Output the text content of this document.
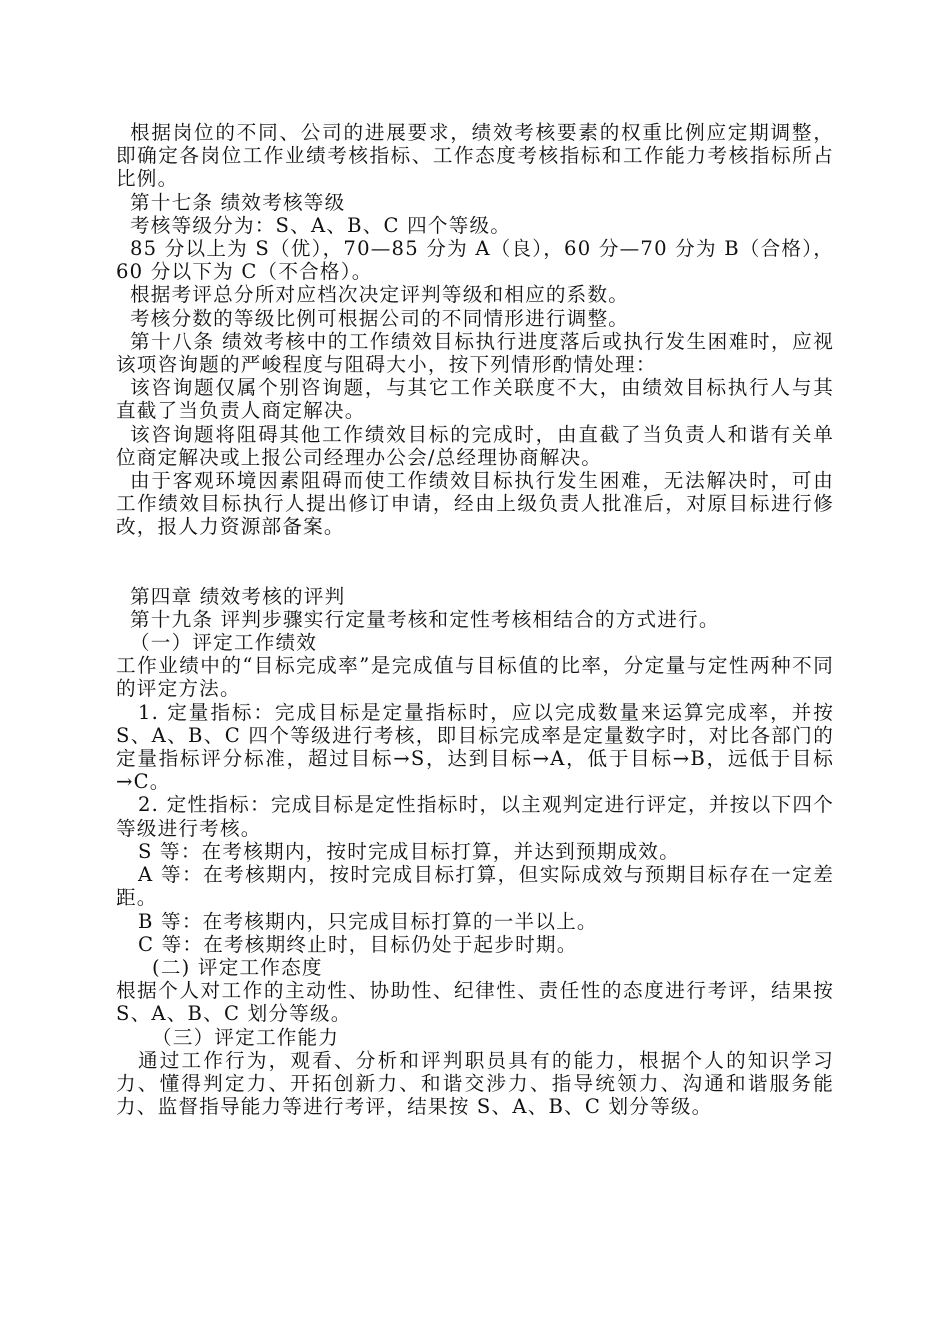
根据岗位的不同、公司的进展要求，绩效考核要素的权重比例应定期调整，即确定各岗位工作业绩考核指标、工作态度考核指标和工作能力考核指标所占比例。

第十七条 绩效考核等级

考核等级分为：S、A、B、C 四个等级。

85 分以上为 S（优），70—85 分为 A（良），60 分—70 分为 B（合格），60 分以下为 C（不合格）。

根据考评总分所对应档次决定评判等级和相应的系数。

考核分数的等级比例可根据公司的不同情形进行调整。

第十八条 绩效考核中的工作绩效目标执行进度落后或执行发生困难时，应视该项咨询题的严峻程度与阻碍大小，按下列情形酌情处理：

该咨询题仅属个别咨询题，与其它工作关联度不大，由绩效目标执行人与其直截了当负责人商定解决。

该咨询题将阻碍其他工作绩效目标的完成时，由直截了当负责人和谐有关单位商定解决或上报公司经理办公会/总经理协商解决。

由于客观环境因素阻碍而使工作绩效目标执行发生困难，无法解决时，可由工作绩效目标执行人提出修订申请，经由上级负责人批准后，对原目标进行修改，报人力资源部备案。

第四章 绩效考核的评判

第十九条 评判步骤实行定量考核和定性考核相结合的方式进行。

（一）评定工作绩效

工作业绩中的“目标完成率”是完成值与目标值的比率，分定量与定性两种不同的评定方法。

1. 定量指标：完成目标是定量指标时，应以完成数量来运算完成率，并按 S、A、B、C 四个等级进行考核，即目标完成率是定量数字时，对比各部门的定量指标评分标准，超过目标→S，达到目标→A，低于目标→B，远低于目标→C。

2. 定性指标：完成目标是定性指标时，以主观判定进行评定，并按以下四个等级进行考核。

S 等：在考核期内，按时完成目标打算，并达到预期成效。

A 等：在考核期内，按时完成目标打算，但实际成效与预期目标存在一定差距。

B 等：在考核期内，只完成目标打算的一半以上。

C 等：在考核期终止时，目标仍处于起步时期。

(二) 评定工作态度

根据个人对工作的主动性、协助性、纪律性、责任性的态度进行考评，结果按 S、A、B、C 划分等级。

（三）评定工作能力

通过工作行为，观看、分析和评判职员具有的能力，根据个人的知识学习力、懂得判定力、开拓创新力、和谐交涉力、指导统领力、沟通和谐服务能力、监督指导能力等进行考评，结果按 S、A、B、C 划分等级。
